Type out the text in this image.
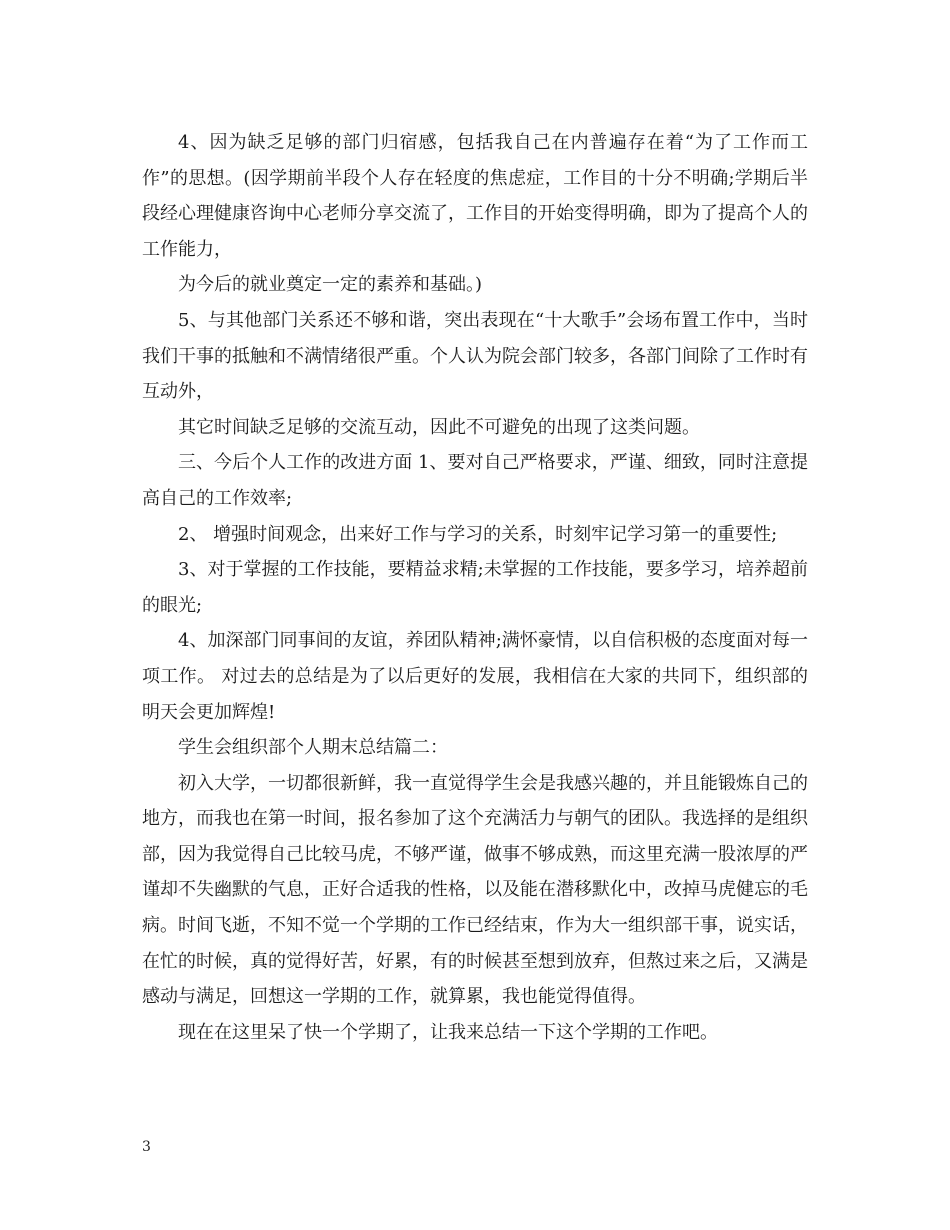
4、因为缺乏足够的部门归宿感，包括我自己在内普遍存在着“为了工作而工作”的思想。(因学期前半段个人存在轻度的焦虑症，工作目的十分不明确;学期后半段经心理健康咨询中心老师分享交流了，工作目的开始变得明确，即为了提高个人的工作能力，

为今后的就业奠定一定的素养和基础。)

5、与其他部门关系还不够和谐，突出表现在“十大歌手”会场布置工作中，当时我们干事的抵触和不满情绪很严重。个人认为院会部门较多，各部门间除了工作时有互动外，

其它时间缺乏足够的交流互动，因此不可避免的出现了这类问题。

三、今后个人工作的改进方面 1、要对自己严格要求，严谨、细致，同时注意提高自己的工作效率;

2、 增强时间观念，出来好工作与学习的关系，时刻牢记学习第一的重要性;

3、对于掌握的工作技能，要精益求精;未掌握的工作技能，要多学习，培养超前的眼光;

4、加深部门同事间的友谊，养团队精神;满怀豪情，以自信积极的态度面对每一项工作。 对过去的总结是为了以后更好的发展，我相信在大家的共同下，组织部的明天会更加辉煌!

学生会组织部个人期末总结篇二：

初入大学，一切都很新鲜，我一直觉得学生会是我感兴趣的，并且能锻炼自己的地方，而我也在第一时间，报名参加了这个充满活力与朝气的团队。我选择的是组织部，因为我觉得自己比较马虎，不够严谨，做事不够成熟，而这里充满一股浓厚的严谨却不失幽默的气息，正好合适我的性格，以及能在潜移默化中，改掉马虎健忘的毛病。时间飞逝，不知不觉一个学期的工作已经结束，作为大一组织部干事，说实话，在忙的时候，真的觉得好苦，好累，有的时候甚至想到放弃，但熬过来之后，又满是感动与满足，回想这一学期的工作，就算累，我也能觉得值得。

现在在这里呆了快一个学期了，让我来总结一下这个学期的工作吧。

3
